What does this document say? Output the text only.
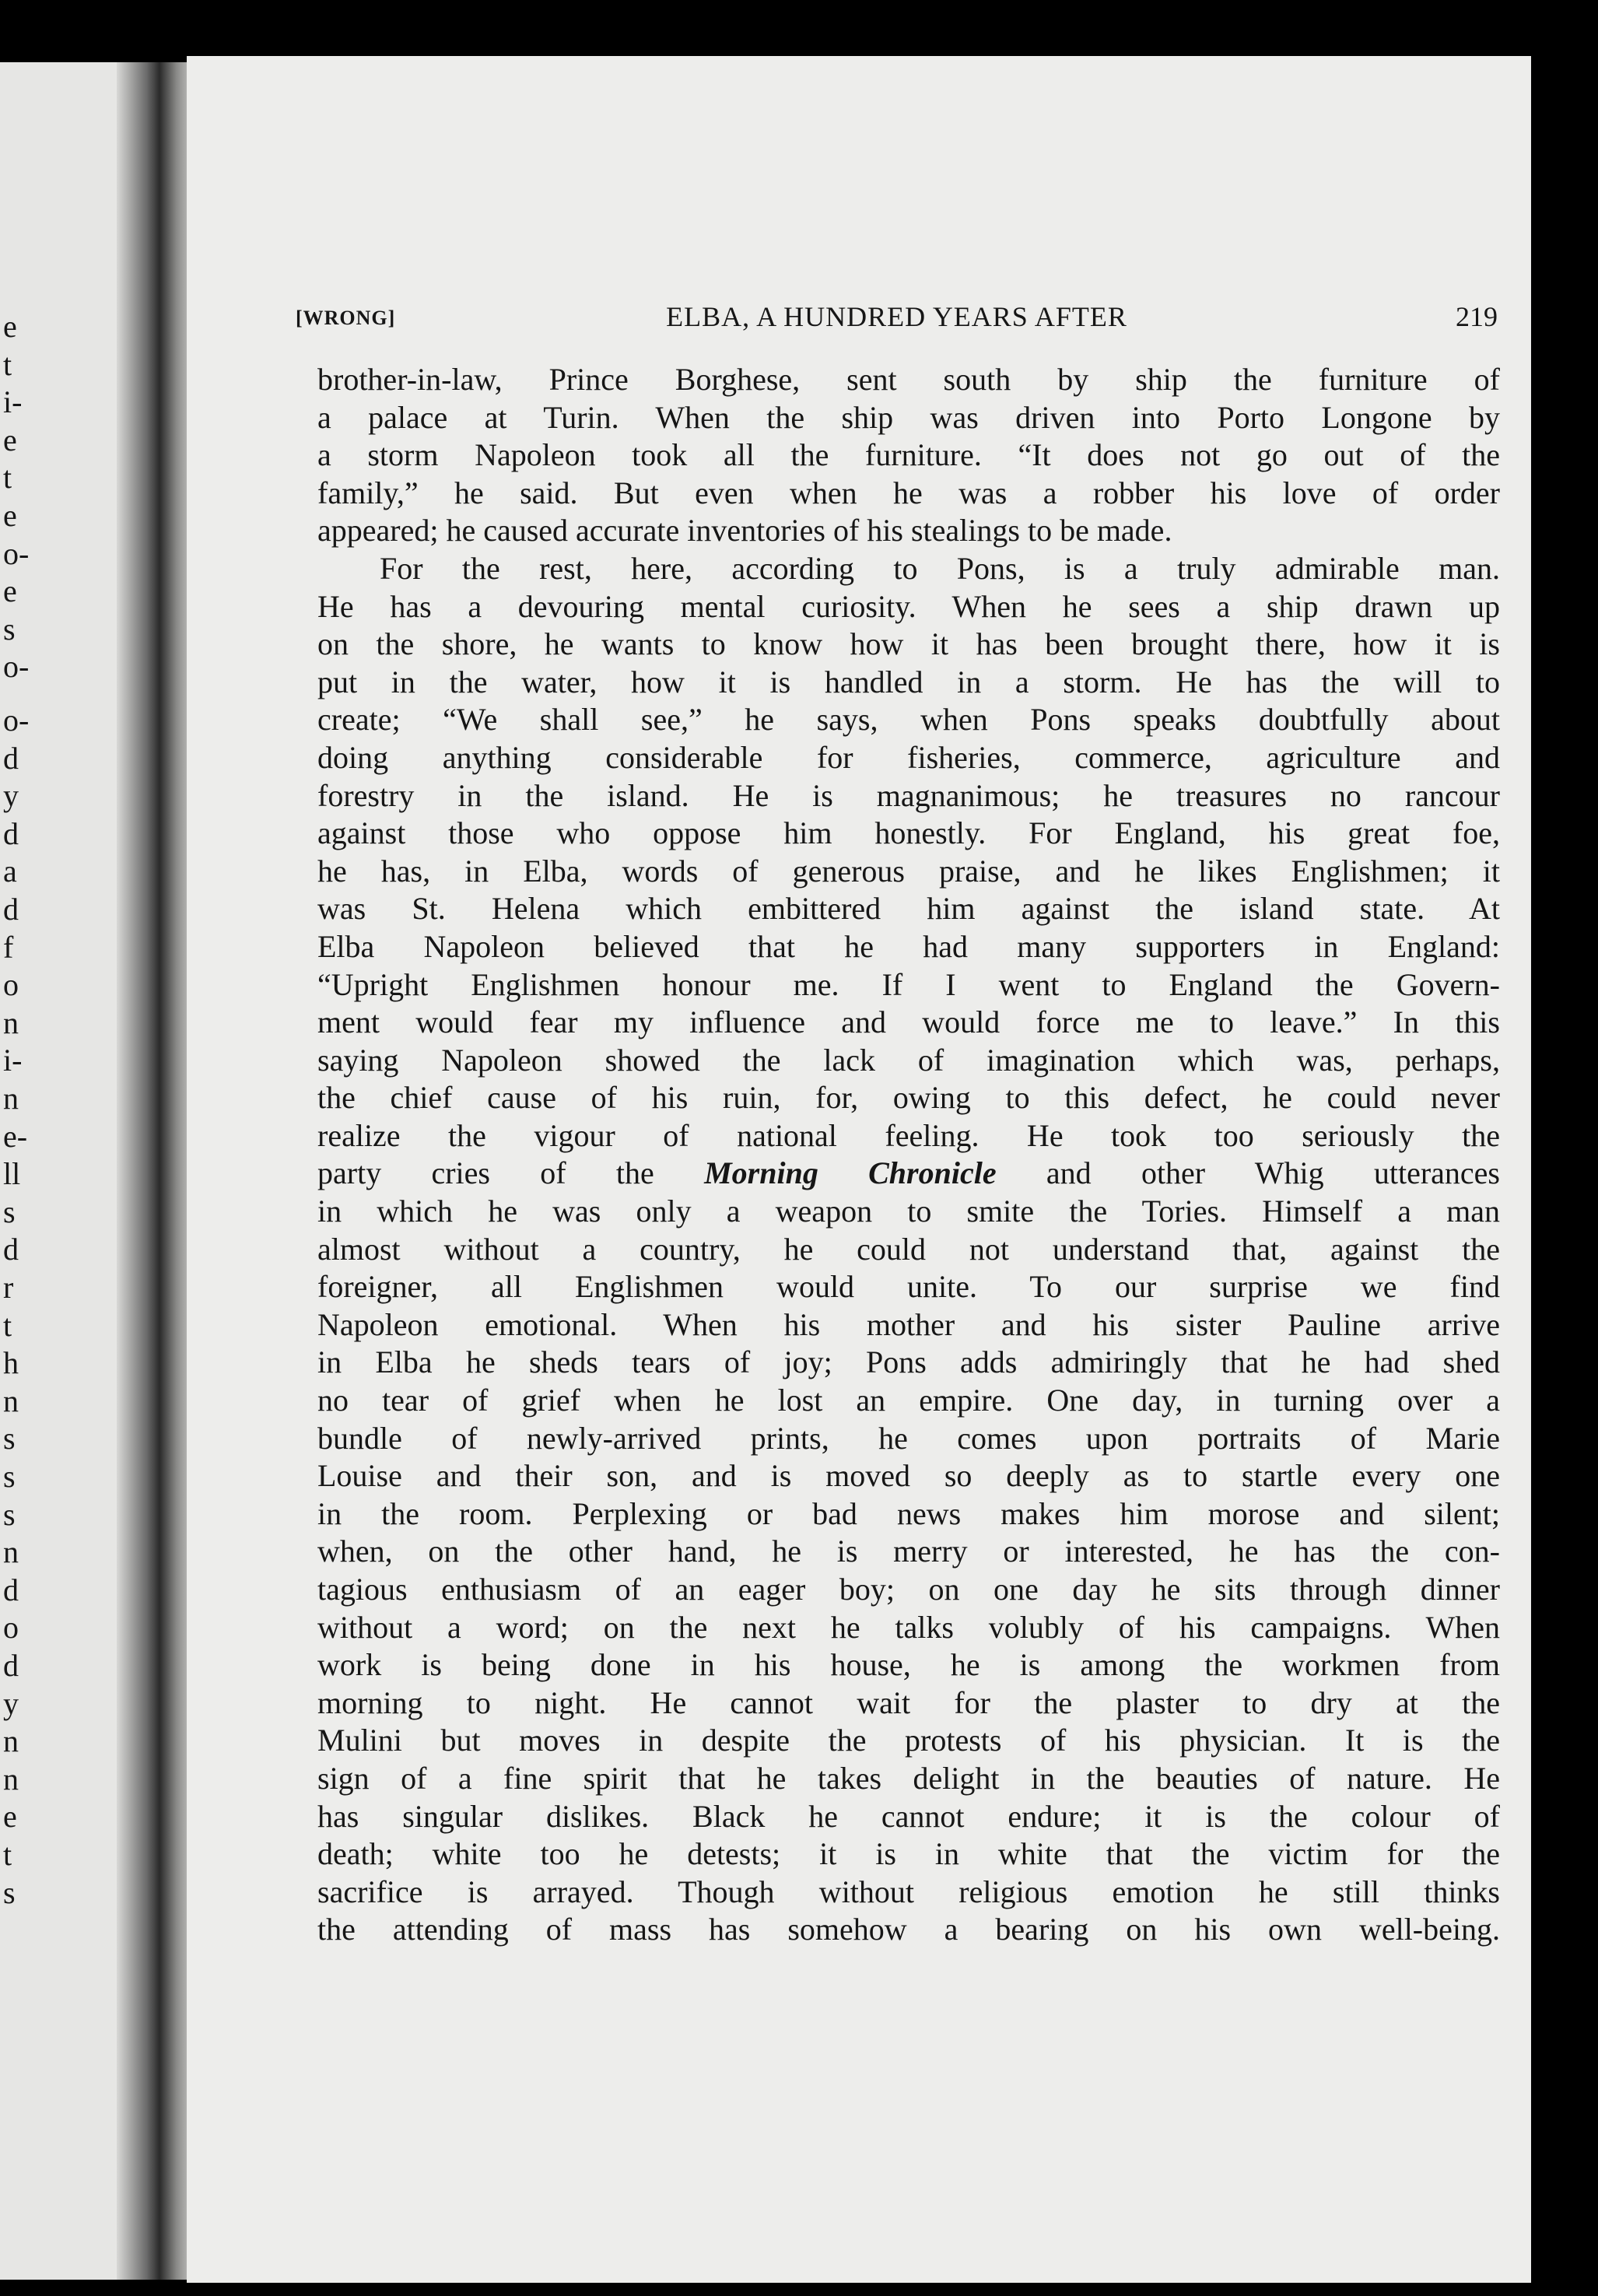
e
t
i-
e
t
e
o-
e
s
o-
o-
d
y
d
a
d
f
o
n
i-
n
e-
ll
s
d
r
t
h
n
s
s
s
n
d
o
d
y
n
n
e
t
s
[WRONG]	ELBA, A HUNDRED YEARS AFTER	219

brother-in-law, Prince Borghese, sent south by ship the furniture of

a palace at Turin. When the ship was driven into Porto Longone by

a storm Napoleon took all the furniture. “It does not go out of the

family,” he said. But even when he was a robber his love of order

appeared; he caused accurate inventories of his stealings to be made.

For the rest, here, according to Pons, is a truly admirable man.

He has a devouring mental curiosity. When he sees a ship drawn up

on the shore, he wants to know how it has been brought there, how it is

put in the water, how it is handled in a storm. He has the will to

create; “We shall see,” he says, when Pons speaks doubtfully about

doing anything considerable for fisheries, commerce, agriculture and

forestry in the island. He is magnanimous; he treasures no rancour

against those who oppose him honestly. For England, his great foe,

he has, in Elba, words of generous praise, and he likes Englishmen; it

was St. Helena which embittered him against the island state. At

Elba Napoleon believed that he had many supporters in England:

“Upright Englishmen honour me. If I went to England the Govern-

ment would fear my influence and would force me to leave.” In this

saying Napoleon showed the lack of imagination which was, perhaps,

the chief cause of his ruin, for, owing to this defect, he could never

realize the vigour of national feeling. He took too seriously the

party cries of the Morning Chronicle and other Whig utterances

in which he was only a weapon to smite the Tories. Himself a man

almost without a country, he could not understand that, against the

foreigner, all Englishmen would unite. To our surprise we find

Napoleon emotional. When his mother and his sister Pauline arrive

in Elba he sheds tears of joy; Pons adds admiringly that he had shed

no tear of grief when he lost an empire. One day, in turning over a

bundle of newly-arrived prints, he comes upon portraits of Marie

Louise and their son, and is moved so deeply as to startle every one

in the room. Perplexing or bad news makes him morose and silent;

when, on the other hand, he is merry or interested, he has the con-

tagious enthusiasm of an eager boy; on one day he sits through dinner

without a word; on the next he talks volubly of his campaigns. When

work is being done in his house, he is among the workmen from

morning to night. He cannot wait for the plaster to dry at the

Mulini but moves in despite the protests of his physician. It is the

sign of a fine spirit that he takes delight in the beauties of nature. He

has singular dislikes. Black he cannot endure; it is the colour of

death; white too he detests; it is in white that the victim for the

sacrifice is arrayed. Though without religious emotion he still thinks

the attending of mass has somehow a bearing on his own well-being.
